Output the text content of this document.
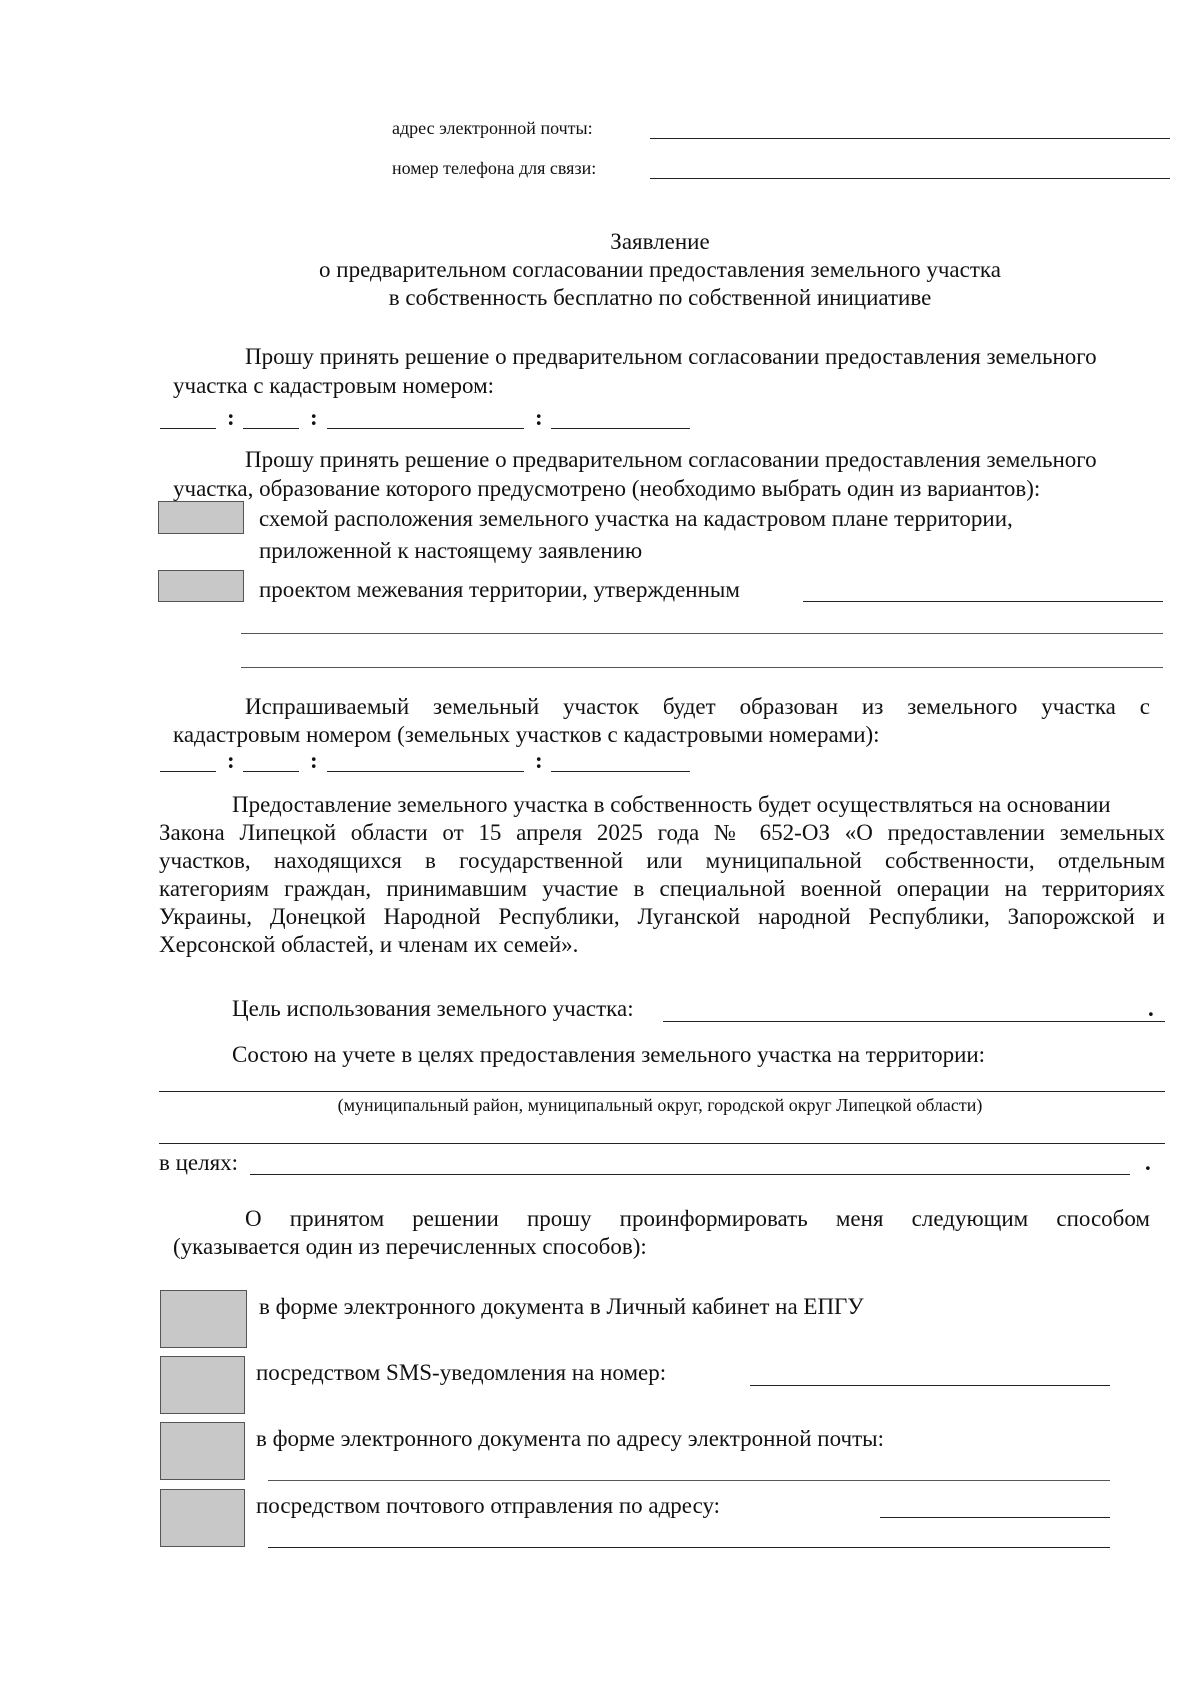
адрес электронной почты:
номер телефона для связи:
Заявление
о предварительном согласовании предоставления земельного участка
в собственность бесплатно по собственной инициативе
Прошу принять решение о предварительном согласовании предоставления земельного
участка с кадастровым номером:
:	:	:
Прошу принять решение о предварительном согласовании предоставления земельного
участка, образование которого предусмотрено (необходимо выбрать один из вариантов):
схемой расположения земельного участка на кадастровом плане территории,
приложенной к настоящему заявлению
проектом межевания территории, утвержденным
Испрашиваемый земельный участок будет образован из земельного участка с
кадастровым номером (земельных участков с кадастровыми номерами):
:	:	:
Предоставление земельного участка в собственность будет осуществляться на основании
Закона Липецкой области от 15 апреля 2025 года № 652-ОЗ «О предоставлении земельных
участков, находящихся в государственной или муниципальной собственности, отдельным
категориям граждан, принимавшим участие в специальной военной операции на территориях
Украины, Донецкой Народной Республики, Луганской народной Республики, Запорожской и
Херсонской областей, и членам их семей».
Цель использования земельного участка:	.
Состою на учете в целях предоставления земельного участка на территории:
(муниципальный район, муниципальный округ, городской округ Липецкой области)
в целях:	.
О принятом решении прошу проинформировать меня следующим способом
(указывается один из перечисленных способов):
в форме электронного документа в Личный кабинет на ЕПГУ
посредством SMS-уведомления на номер:
в форме электронного документа по адресу электронной почты:
посредством почтового отправления по адресу:
